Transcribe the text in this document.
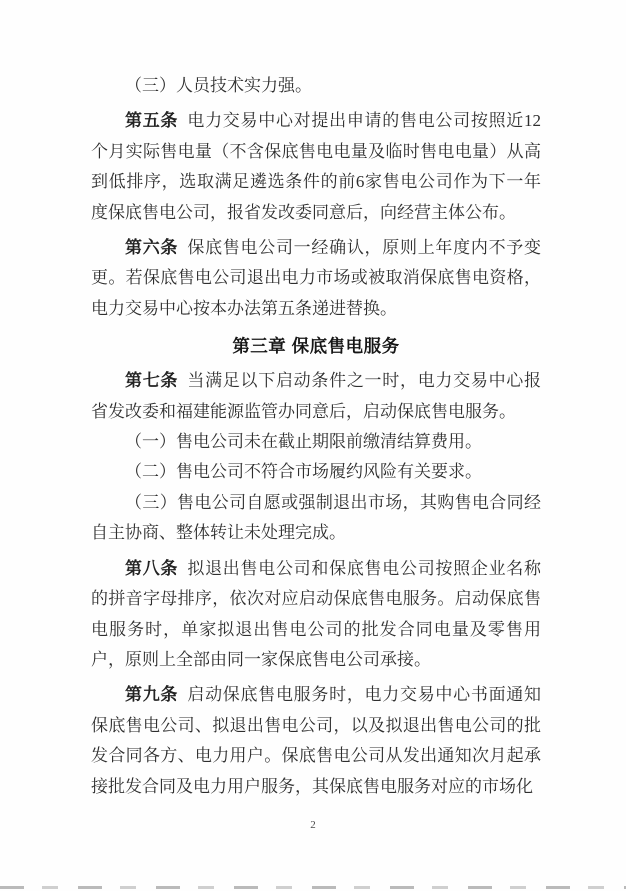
（三）人员技术实力强。

第五条 电力交易中心对提出申请的售电公司按照近12个月实际售电量（不含保底售电电量及临时售电电量）从高到低排序，选取满足遴选条件的前6家售电公司作为下一年度保底售电公司，报省发改委同意后，向经营主体公布。

第六条 保底售电公司一经确认，原则上年度内不予变更。若保底售电公司退出电力市场或被取消保底售电资格，电力交易中心按本办法第五条递进替换。

第三章 保底售电服务

第七条 当满足以下启动条件之一时，电力交易中心报省发改委和福建能源监管办同意后，启动保底售电服务。

（一）售电公司未在截止期限前缴清结算费用。

（二）售电公司不符合市场履约风险有关要求。

（三）售电公司自愿或强制退出市场，其购售电合同经自主协商、整体转让未处理完成。

第八条 拟退出售电公司和保底售电公司按照企业名称的拼音字母排序，依次对应启动保底售电服务。启动保底售电服务时，单家拟退出售电公司的批发合同电量及零售用户，原则上全部由同一家保底售电公司承接。

第九条 启动保底售电服务时，电力交易中心书面通知保底售电公司、拟退出售电公司，以及拟退出售电公司的批发合同各方、电力用户。保底售电公司从发出通知次月起承接批发合同及电力用户服务，其保底售电服务对应的市场化

2
